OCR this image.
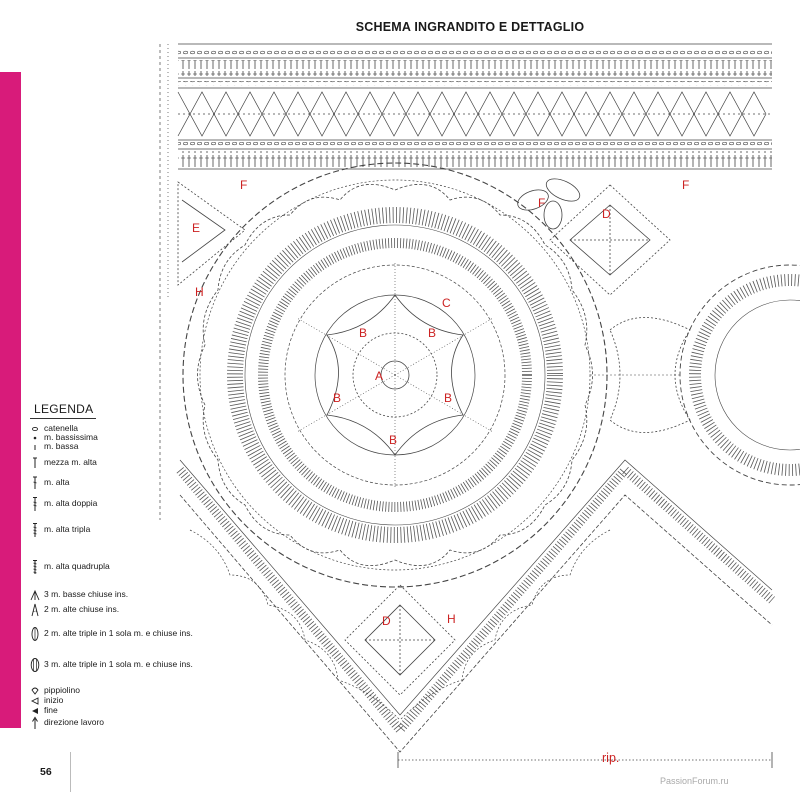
SCHEMA INGRANDITO E DETTAGLIO
A
B	B
B	B
B
C
D
D
E
F
F
F
H
H
LEGENDA
catenella
m. bassissima
m. bassa
mezza m. alta
m. alta
m. alta doppia
m. alta tripla
m. alta quadrupla
3 m. basse chiuse ins.
2 m. alte chiuse ins.
2 m. alte triple in 1 sola m. e chiuse ins.
3 m. alte triple in 1 sola m. e chiuse ins.
pippiolino
inizio
fine
direzione lavoro
56
rip.
PassionForum.ru
